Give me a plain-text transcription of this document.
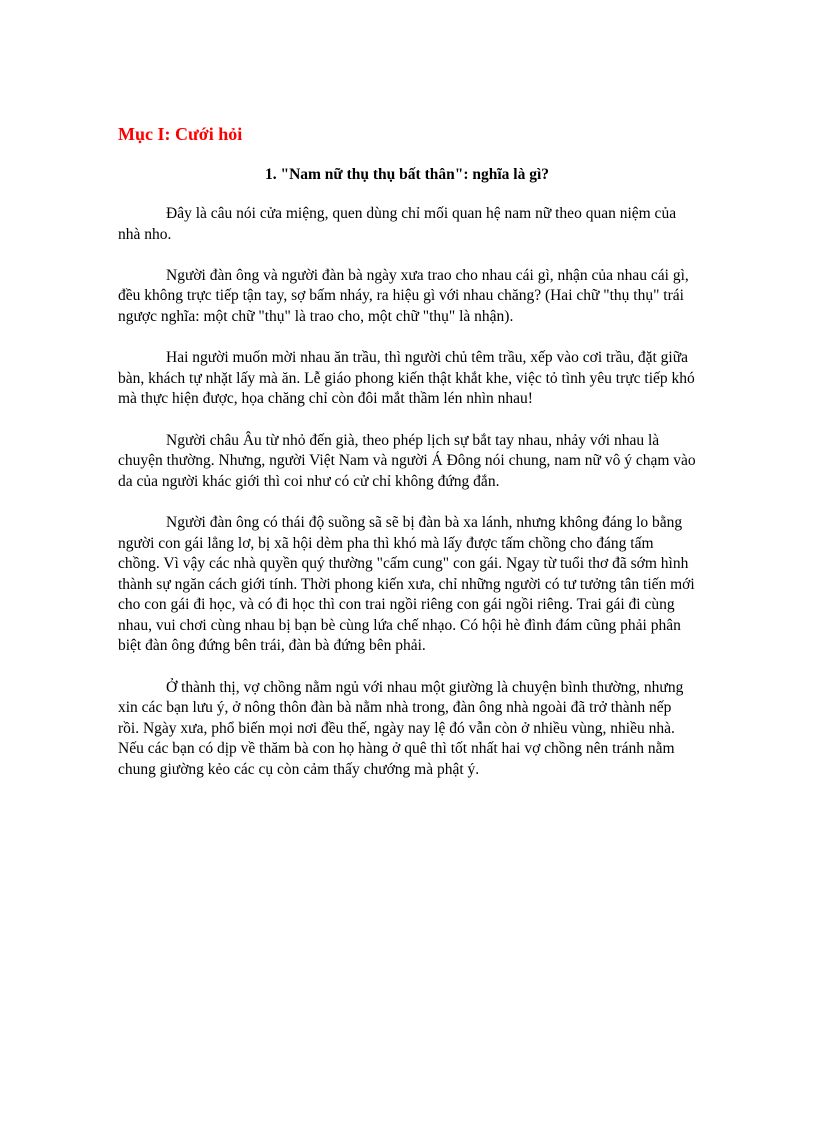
Mục I: Cưới hỏi
1. "Nam nữ thụ thụ bất thân": nghĩa là gì?

Đây là câu nói cửa miệng, quen dùng chỉ mối quan hệ nam nữ theo quan niệm của nhà nho.

Người đàn ông và người đàn bà ngày xưa trao cho nhau cái gì, nhận của nhau cái gì, đều không trực tiếp tận tay, sợ bấm nháy, ra hiệu gì với nhau chăng? (Hai chữ "thụ thụ" trái ngược nghĩa: một chữ "thụ" là trao cho, một chữ "thụ" là nhận).

Hai người muốn mời nhau ăn trầu, thì người chủ têm trầu, xếp vào cơi trầu, đặt giữa bàn, khách tự nhặt lấy mà ăn. Lễ giáo phong kiến thật khắt khe, việc tỏ tình yêu trực tiếp khó mà thực hiện được, họa chăng chỉ còn đôi mắt thầm lén nhìn nhau!

Người châu Âu từ nhỏ đến già, theo phép lịch sự bắt tay nhau, nhảy với nhau là chuyện thường. Nhưng, người Việt Nam và người Á Đông nói chung, nam nữ vô ý chạm vào da của người khác giới thì coi như có cử chỉ không đứng đắn.

Người đàn ông có thái độ suồng sã sẽ bị đàn bà xa lánh, nhưng không đáng lo bằng người con gái lẳng lơ, bị xã hội dèm pha thì khó mà lấy được tấm chồng cho đáng tấm chồng. Vì vậy các nhà quyền quý thường "cấm cung" con gái. Ngay từ tuổi thơ đã sớm hình thành sự ngăn cách giới tính. Thời phong kiến xưa, chỉ những người có tư tưởng tân tiến mới cho con gái đi học, và có đi học thì con trai ngồi riêng con gái ngồi riêng. Trai gái đi cùng nhau, vui chơi cùng nhau bị bạn bè cùng lứa chế nhạo. Có hội hè đình đám cũng phải phân biệt đàn ông đứng bên trái, đàn bà đứng bên phải.

Ở thành thị, vợ chồng nằm ngủ với nhau một giường là chuyện bình thường, nhưng xin các bạn lưu ý, ở nông thôn đàn bà nằm nhà trong, đàn ông nhà ngoài đã trở thành nếp rồi. Ngày xưa, phổ biến mọi nơi đều thế, ngày nay lệ đó vẫn còn ở nhiều vùng, nhiều nhà. Nếu các bạn có dịp về thăm bà con họ hàng ở quê thì tốt nhất hai vợ chồng nên tránh nằm chung giường kẻo các cụ còn cảm thấy chướng mà phật ý.
